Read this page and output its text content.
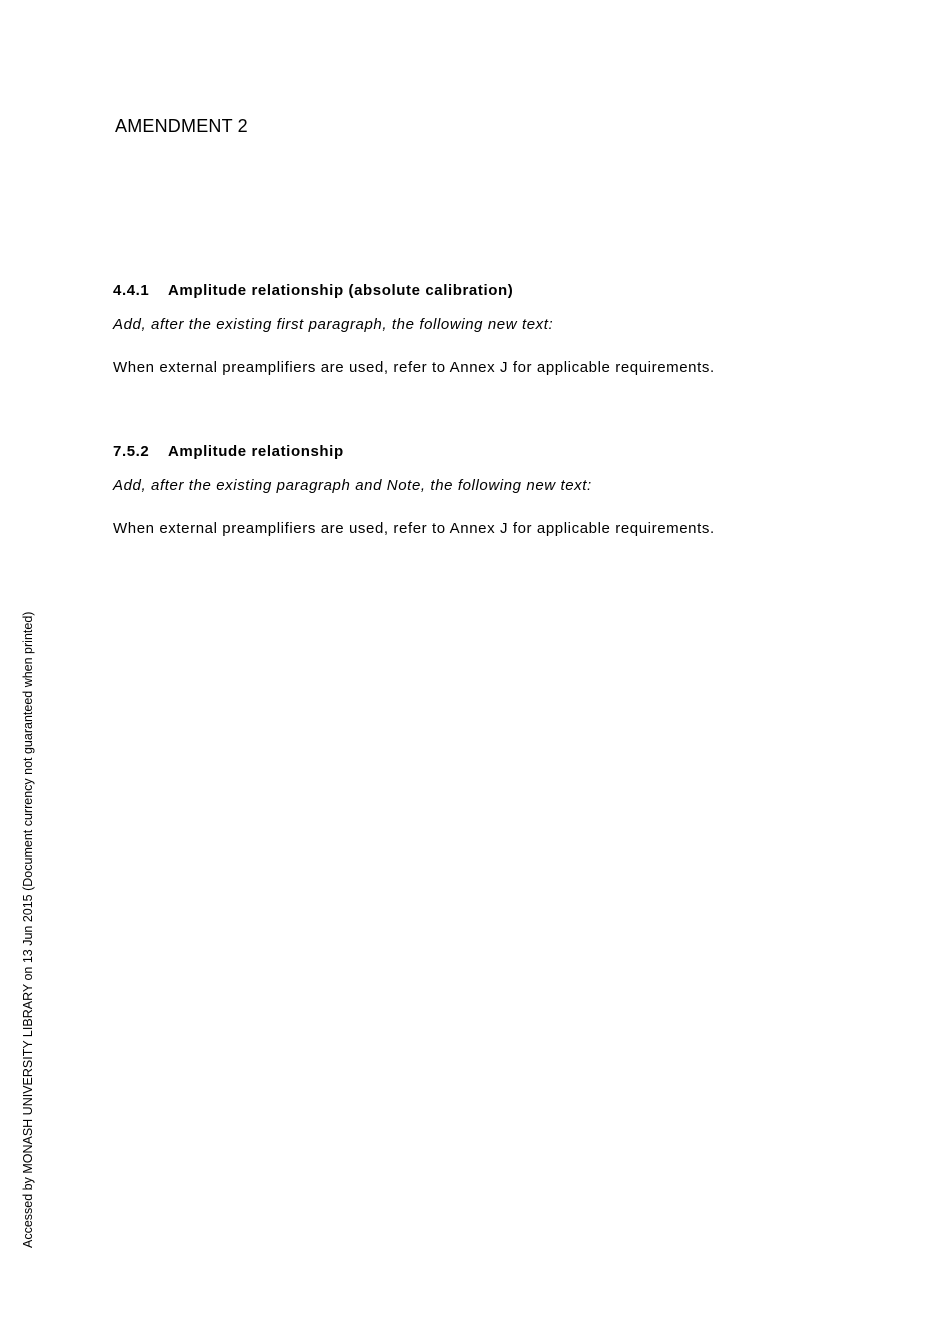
AMENDMENT 2
4.4.1 Amplitude relationship (absolute calibration)
Add, after the existing first paragraph, the following new text:
When external preamplifiers are used, refer to Annex J for applicable requirements.
7.5.2 Amplitude relationship
Add, after the existing paragraph and Note, the following new text:
When external preamplifiers are used, refer to Annex J for applicable requirements.
Accessed by MONASH UNIVERSITY LIBRARY on 13 Jun 2015 (Document currency not guaranteed when printed)
